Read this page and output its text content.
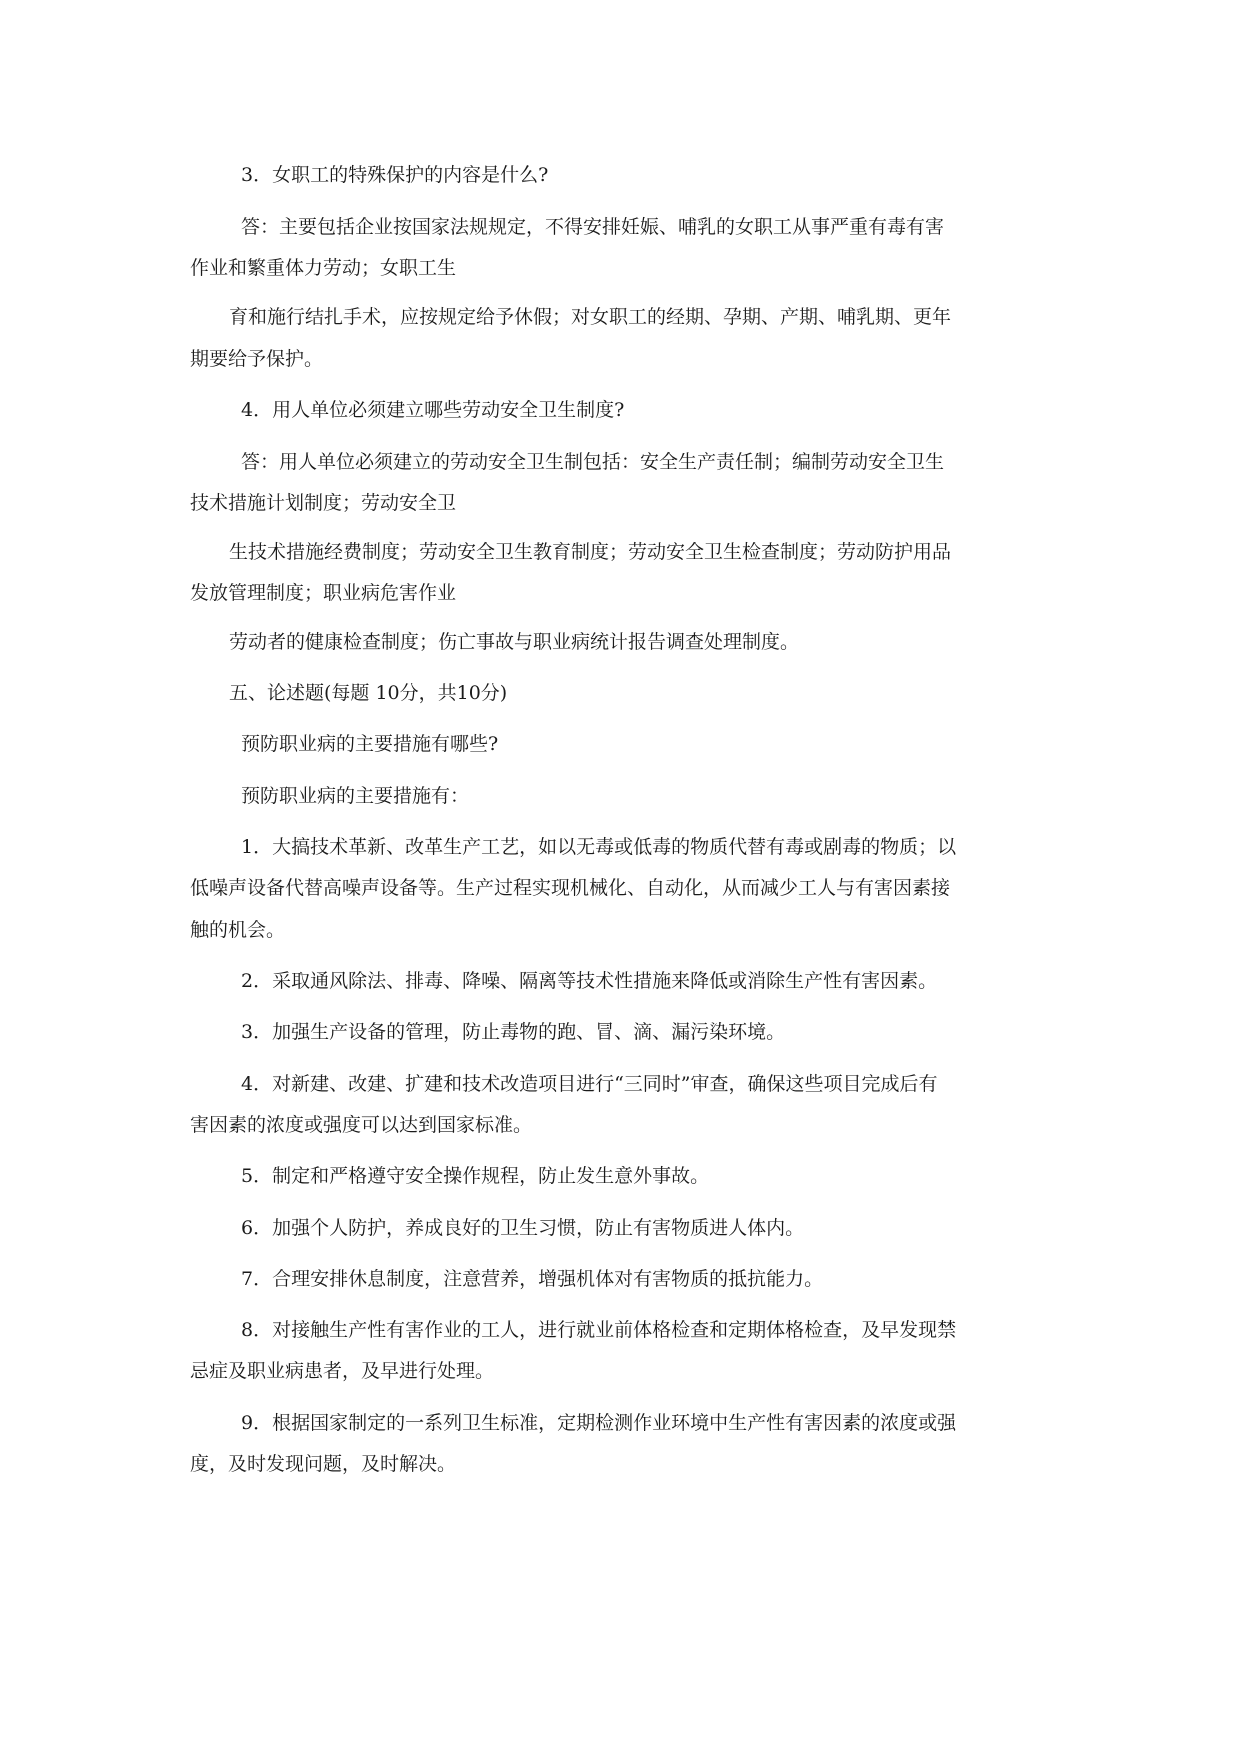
3．女职工的特殊保护的内容是什么?

答：主要包括企业按国家法规规定，不得安排妊娠、哺乳的女职工从事严重有毒有害

作业和繁重体力劳动；女职工生

育和施行结扎手术，应按规定给予休假；对女职工的经期、孕期、产期、哺乳期、更年

期要给予保护。

4．用人单位必须建立哪些劳动安全卫生制度?

答：用人单位必须建立的劳动安全卫生制包括：安全生产责任制；编制劳动安全卫生

技术措施计划制度；劳动安全卫

生技术措施经费制度；劳动安全卫生教育制度；劳动安全卫生检查制度；劳动防护用品

发放管理制度；职业病危害作业

劳动者的健康检查制度；伤亡事故与职业病统计报告调查处理制度。

五、论述题(每题 10分，共10分)

预防职业病的主要措施有哪些?

预防职业病的主要措施有：

1．大搞技术革新、改革生产工艺，如以无毒或低毒的物质代替有毒或剧毒的物质；以

低噪声设备代替高噪声设备等。生产过程实现机械化、自动化，从而减少工人与有害因素接

触的机会。

2．采取通风除法、排毒、降噪、隔离等技术性措施来降低或消除生产性有害因素。

3．加强生产设备的管理，防止毒物的跑、冒、滴、漏污染环境。

4．对新建、改建、扩建和技术改造项目进行“三同时”审查，确保这些项目完成后有

害因素的浓度或强度可以达到国家标准。

5．制定和严格遵守安全操作规程，防止发生意外事故。

6．加强个人防护，养成良好的卫生习惯，防止有害物质进人体内。

7．合理安排休息制度，注意营养，增强机体对有害物质的抵抗能力。

8．对接触生产性有害作业的工人，进行就业前体格检查和定期体格检查，及早发现禁

忌症及职业病患者，及早进行处理。

9．根据国家制定的一系列卫生标准，定期检测作业环境中生产性有害因素的浓度或强

度，及时发现问题，及时解决。
